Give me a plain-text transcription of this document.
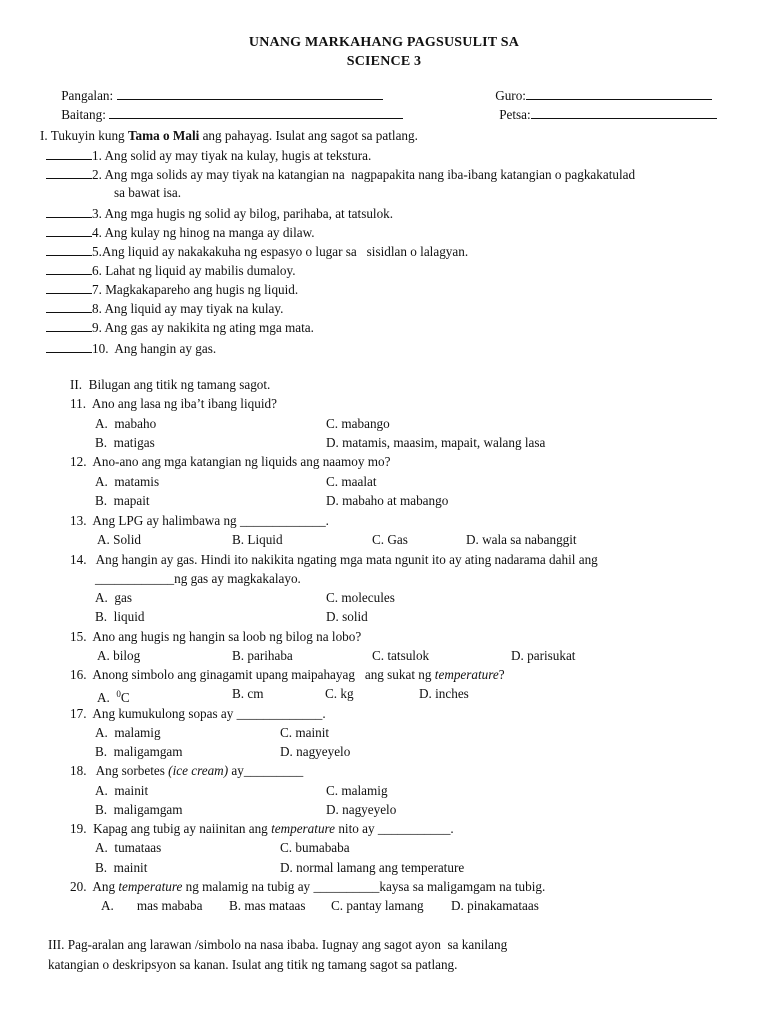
UNANG MARKAHANG PAGSUSULIT SA
SCIENCE 3

Pangalan:
	Guro:

Baitang:
	Petsa:

I. Tukuyin kung Tama o Mali ang pahayag. Isulat ang sagot sa patlang.
1. Ang solid ay may tiyak na kulay, hugis at tekstura.
2. Ang mga solids ay may tiyak na katangian na  nagpapakita nang iba-ibang katangian o pagkakatulad
sa bawat isa.
3. Ang mga hugis ng solid ay bilog, parihaba, at tatsulok.
4. Ang kulay ng hinog na manga ay dilaw.
5.Ang liquid ay nakakakuha ng espasyo o lugar sa   sisidlan o lalagyan.
6. Lahat ng liquid ay mabilis dumaloy.
7. Magkakapareho ang hugis ng liquid.
8. Ang liquid ay may tiyak na kulay.
9. Ang gas ay nakikita ng ating mga mata.
10.  Ang hangin ay gas.
II.  Bilugan ang titik ng tamang sagot.
11.  Ano ang lasa ng iba’t ibang liquid?
A.  mabaho	C. mabango
B.  matigas	D. matamis, maasim, mapait, walang lasa
12.  Ano-ano ang mga katangian ng liquids ang naamoy mo?
A.  matamis	C. maalat
B.  mapait	D. mabaho at mabango
13.  Ang LPG ay halimbawa ng _____________.
A. Solid	B. Liquid	C. Gas	D. wala sa nabanggit
14.   Ang hangin ay gas. Hindi ito nakikita ngating mga mata ngunit ito ay ating nadarama dahil ang
____________ng gas ay magkakalayo.
A.  gas	C. molecules
B.  liquid	D. solid
15.  Ano ang hugis ng hangin sa loob ng bilog na lobo?
A. bilog	B. parihaba	C. tatsulok	D. parisukat
16.  Anong simbolo ang ginagamit upang maipahayag   ang sukat ng temperature?
A.  $^0$C	B. cm	C. kg	D. inches
17.  Ang kumukulong sopas ay _____________.
A.  malamig	C. mainit
B.  maligamgam	D. nagyeyelo
18.   Ang sorbetes (ice cream) ay_________
A.  mainit	C. malamig
B.  maligamgam	D. nagyeyelo
19.  Kapag ang tubig ay naiinitan ang temperature nito ay ___________.
A.  tumataas	C. bumababa
B.  mainit	D. normal lamang ang temperature
20.  Ang temperature ng malamig na tubig ay __________kaysa sa maligamgam na tubig.
A.       mas mababa B. mas mataas C. pantay lamang D. pinakamataas
III. Pag-aralan ang larawan /simbolo na nasa ibaba. Iugnay ang sagot ayon  sa kanilang
katangian o deskripsyon sa kanan. Isulat ang titik ng tamang sagot sa patlang.
